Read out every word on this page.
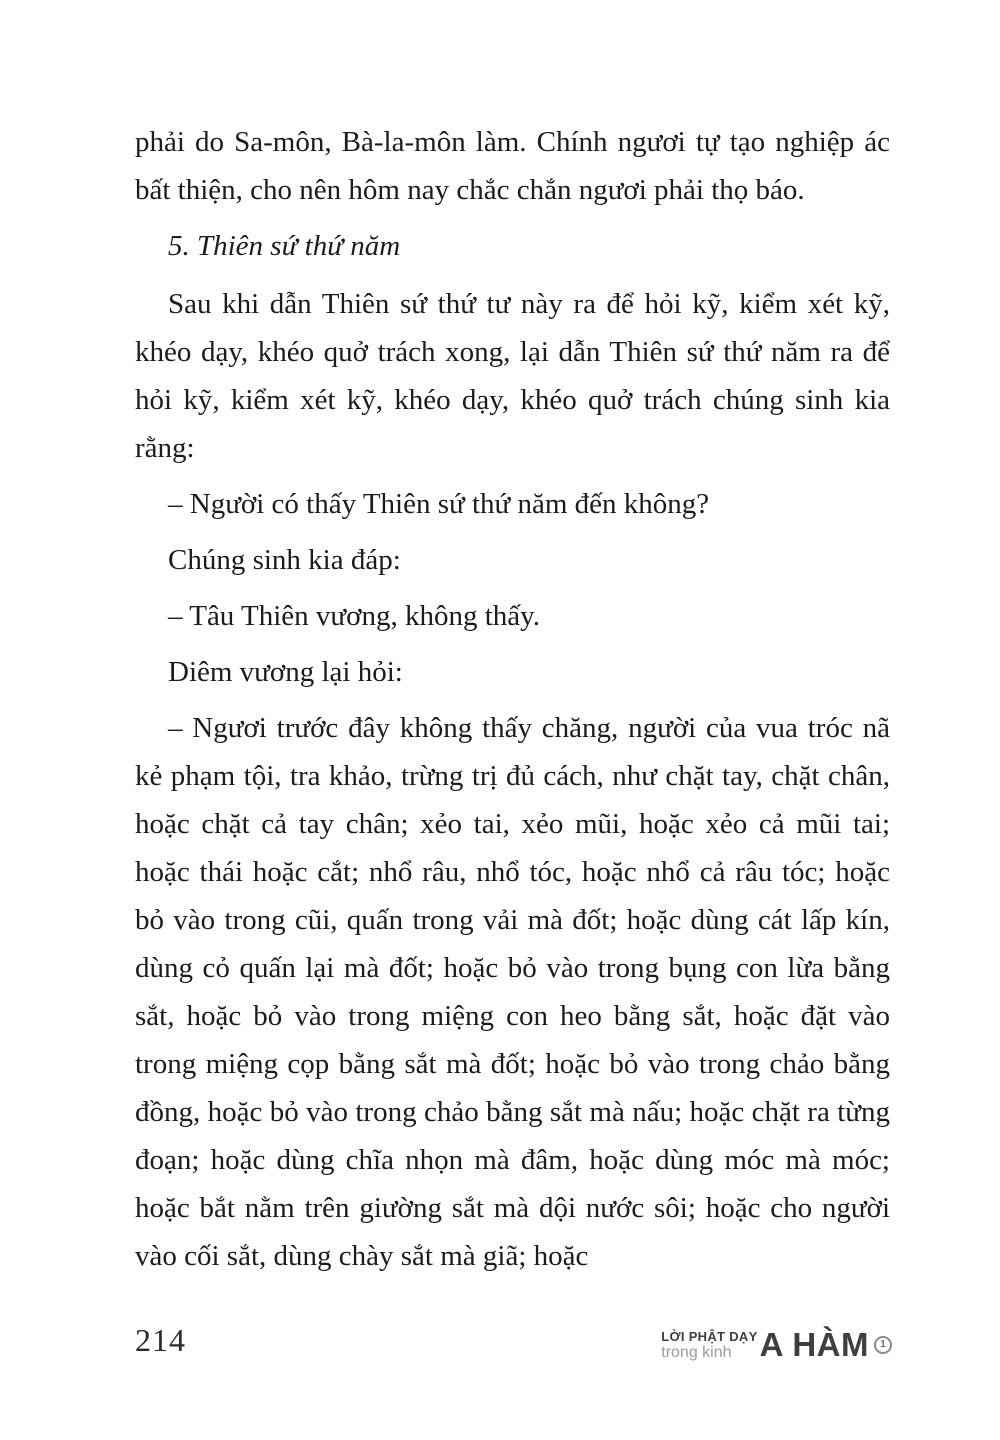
phải do Sa-môn, Bà-la-môn làm. Chính ngươi tự tạo nghiệp ác bất thiện, cho nên hôm nay chắc chắn ngươi phải thọ báo.

5. Thiên sứ thứ năm

Sau khi dẫn Thiên sứ thứ tư này ra để hỏi kỹ, kiểm xét kỹ, khéo dạy, khéo quở trách xong, lại dẫn Thiên sứ thứ năm ra để hỏi kỹ, kiểm xét kỹ, khéo dạy, khéo quở trách chúng sinh kia rằng:

– Người có thấy Thiên sứ thứ năm đến không?

Chúng sinh kia đáp:

– Tâu Thiên vương, không thấy.

Diêm vương lại hỏi:

– Ngươi trước đây không thấy chăng, người của vua tróc nã kẻ phạm tội, tra khảo, trừng trị đủ cách, như chặt tay, chặt chân, hoặc chặt cả tay chân; xẻo tai, xẻo mũi, hoặc xẻo cả mũi tai; hoặc thái hoặc cắt; nhổ râu, nhổ tóc, hoặc nhổ cả râu tóc; hoặc bỏ vào trong cũi, quấn trong vải mà đốt; hoặc dùng cát lấp kín, dùng cỏ quấn lại mà đốt; hoặc bỏ vào trong bụng con lừa bằng sắt, hoặc bỏ vào trong miệng con heo bằng sắt, hoặc đặt vào trong miệng cọp bằng sắt mà đốt; hoặc bỏ vào trong chảo bằng đồng, hoặc bỏ vào trong chảo bằng sắt mà nấu; hoặc chặt ra từng đoạn; hoặc dùng chĩa nhọn mà đâm, hoặc dùng móc mà móc; hoặc bắt nằm trên giường sắt mà dội nước sôi; hoặc cho người vào cối sắt, dùng chày sắt mà giã; hoặc

214	LỜI PHẬT DẠY
trong kinh A HÀM	1
